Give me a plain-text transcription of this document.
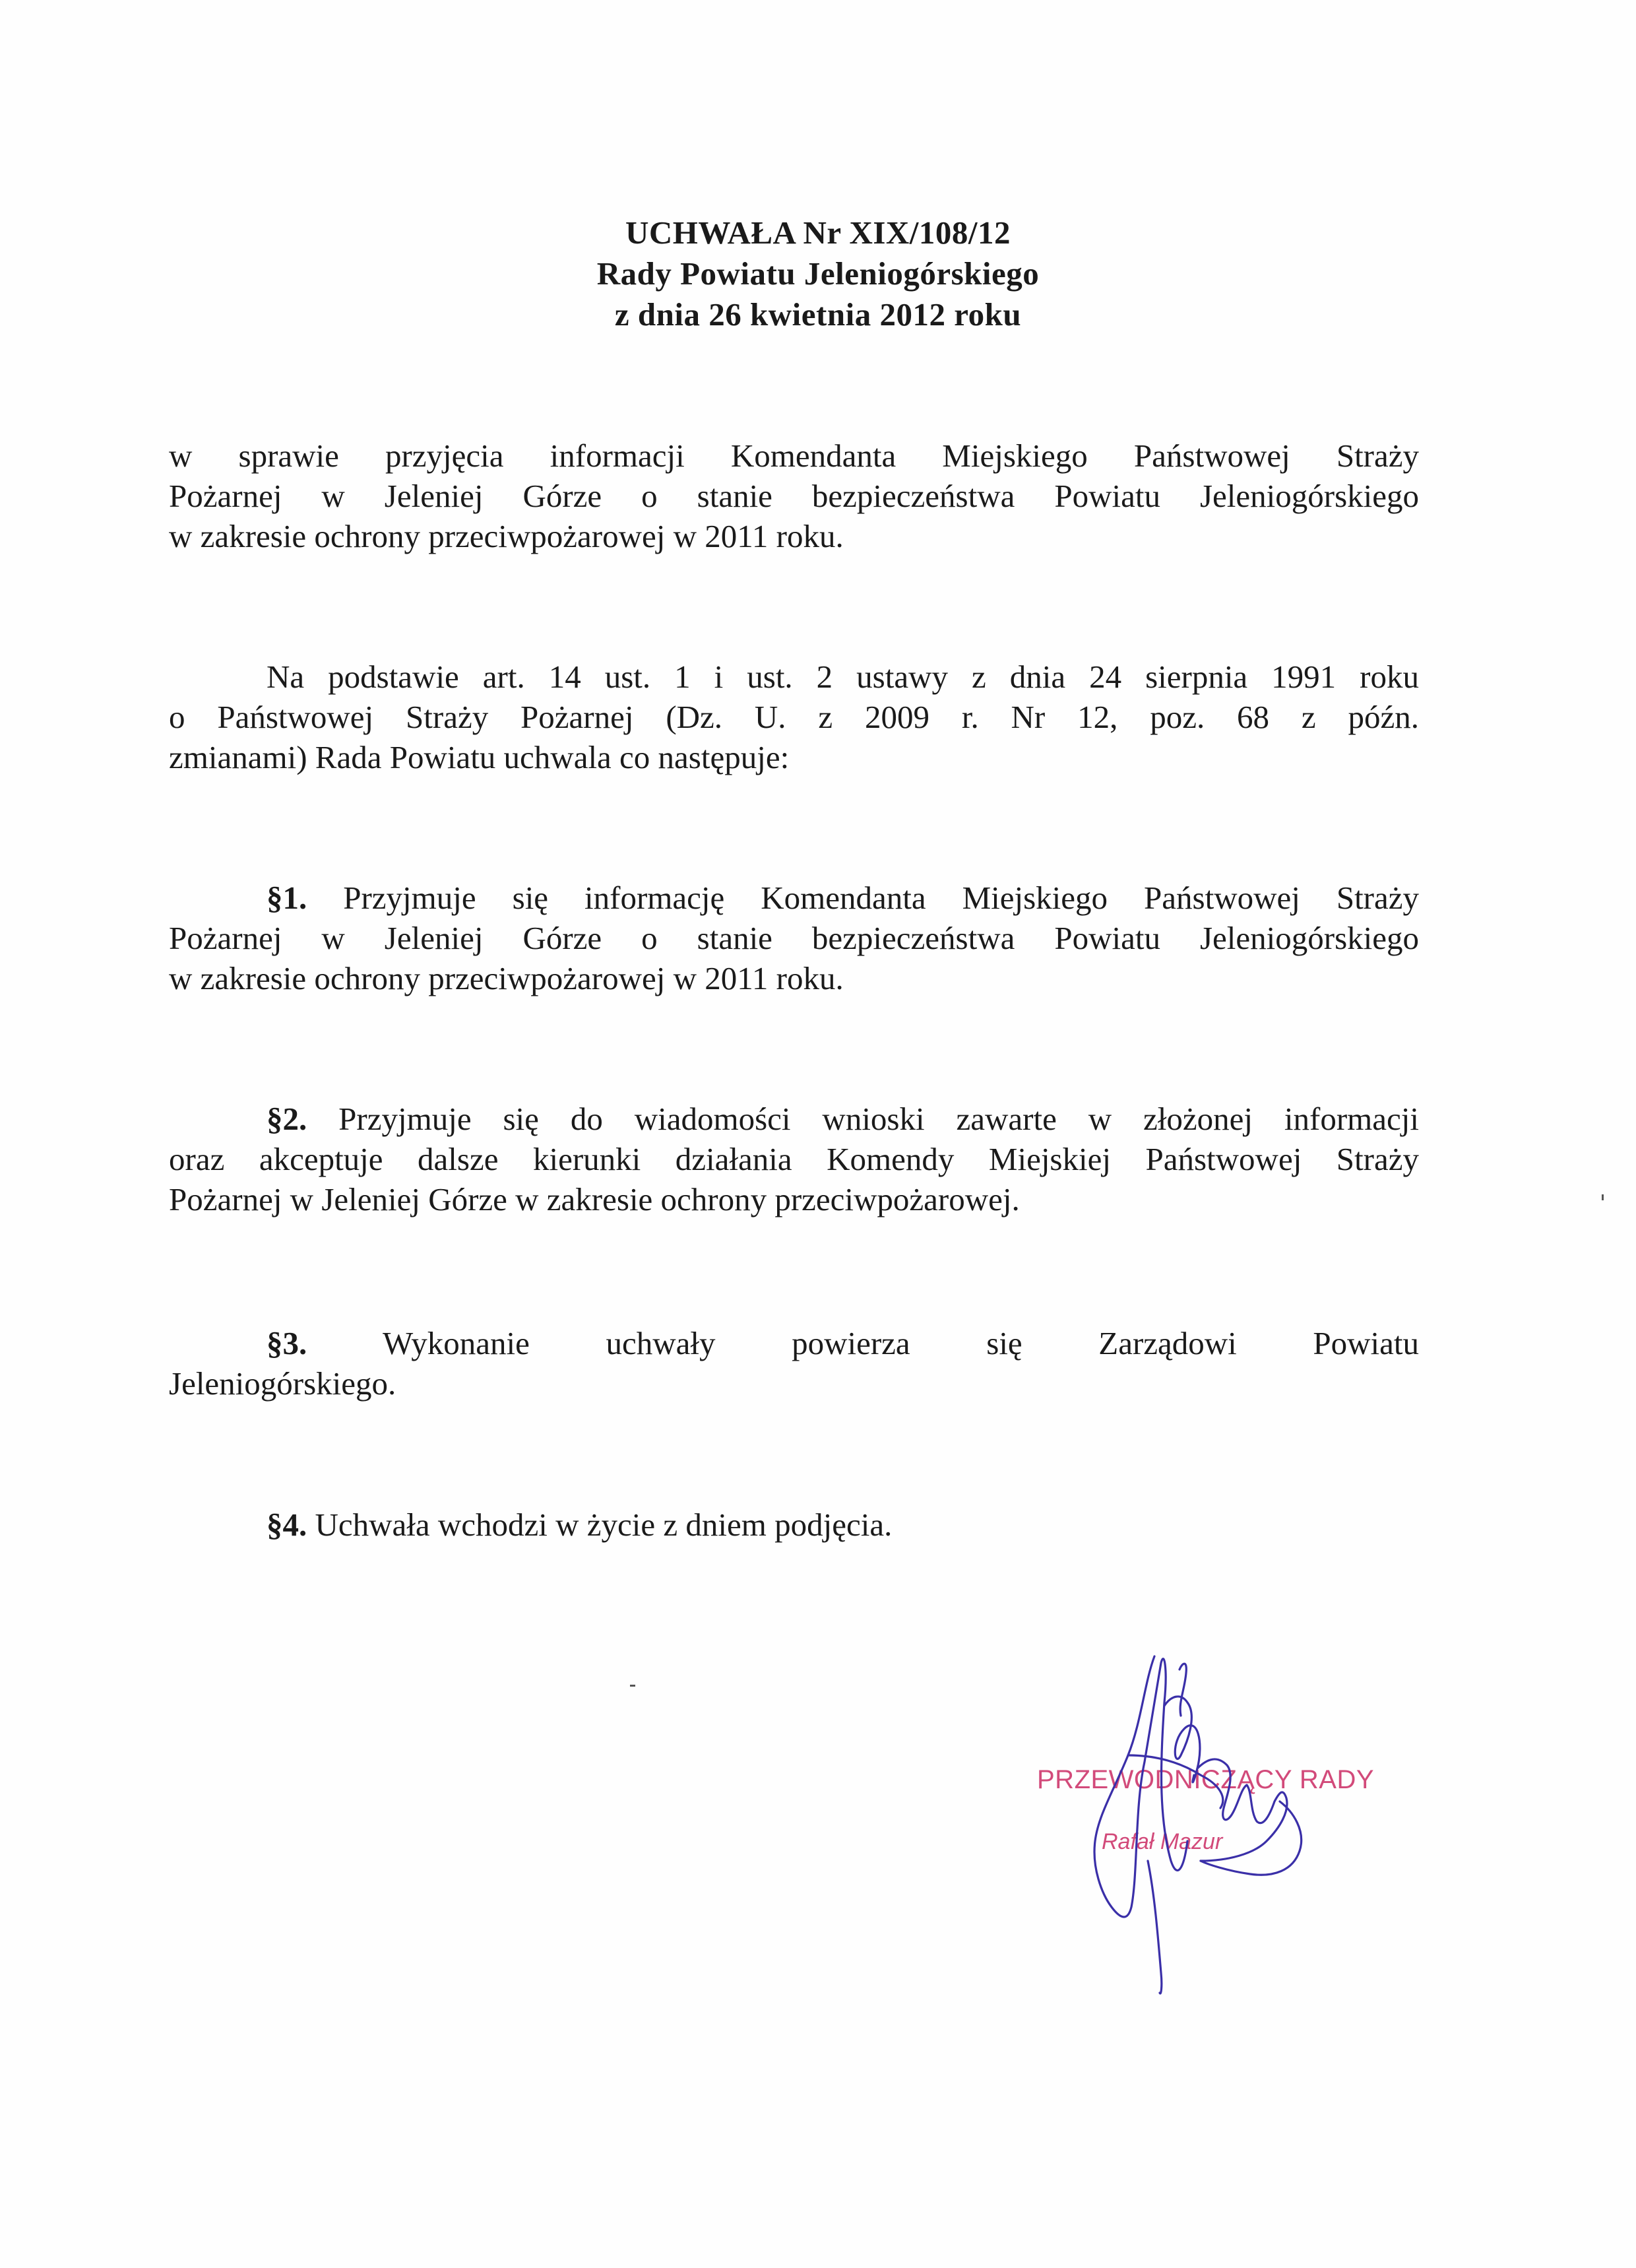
UCHWAŁA Nr XIX/108/12
Rady Powiatu Jeleniogórskiego
z dnia 26 kwietnia 2012 roku
w sprawie przyjęcia informacji Komendanta Miejskiego Państwowej Straży
Pożarnej w Jeleniej Górze o stanie bezpieczeństwa Powiatu Jeleniogórskiego
w zakresie ochrony przeciwpożarowej w 2011 roku.
Na podstawie art. 14 ust. 1 i ust. 2 ustawy z dnia 24 sierpnia 1991 roku
o Państwowej Straży Pożarnej (Dz. U. z 2009 r. Nr 12, poz. 68 z późn.
zmianami) Rada Powiatu uchwala co następuje:
§1. Przyjmuje się informację Komendanta Miejskiego Państwowej Straży
Pożarnej w Jeleniej Górze o stanie bezpieczeństwa Powiatu Jeleniogórskiego
w zakresie ochrony przeciwpożarowej w 2011 roku.
§2. Przyjmuje się do wiadomości wnioski zawarte w złożonej informacji
oraz akceptuje dalsze kierunki działania Komendy Miejskiej Państwowej Straży
Pożarnej w Jeleniej Górze w zakresie ochrony przeciwpożarowej.
§3. Wykonanie uchwały powierza się Zarządowi Powiatu
Jeleniogórskiego.
§4. Uchwała wchodzi w życie z dniem podjęcia.
PRZEWODNICZĄCY RADY
Rafał Mazur
